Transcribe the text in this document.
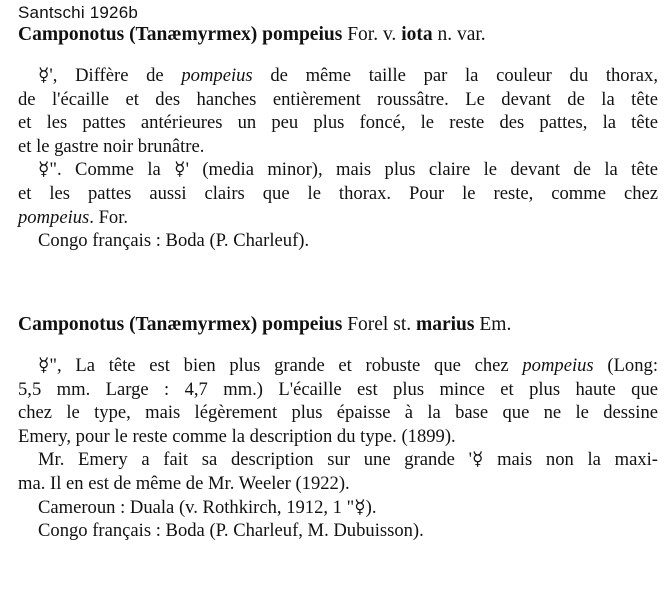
Santschi 1926b
Camponotus (Tanæmyrmex) pompeius For. v. iota n. var.
☿', Diffère de pompeius de même taille par la couleur du thorax,
de l'écaille et des hanches entièrement roussâtre. Le devant de la tête
et les pattes antérieures un peu plus foncé, le reste des pattes, la tête
et le gastre noir brunâtre.
☿". Comme la ☿' (media minor), mais plus claire le devant de la tête
et les pattes aussi clairs que le thorax. Pour le reste, comme chez
pompeius. For.
Congo français : Boda (P. Charleuf).
Camponotus (Tanæmyrmex) pompeius Forel st. marius Em.
☿", La tête est bien plus grande et robuste que chez pompeius (Long:
5,5 mm. Large : 4,7 mm.) L'écaille est plus mince et plus haute que
chez le type, mais légèrement plus épaisse à la base que ne le dessine
Emery, pour le reste comme la description du type. (1899).
Mr. Emery a fait sa description sur une grande '☿ mais non la maxi-
ma. Il en est de même de Mr. Weeler (1922).
Cameroun : Duala (v. Rothkirch, 1912, 1 "☿).
Congo français : Boda (P. Charleuf, M. Dubuisson).
